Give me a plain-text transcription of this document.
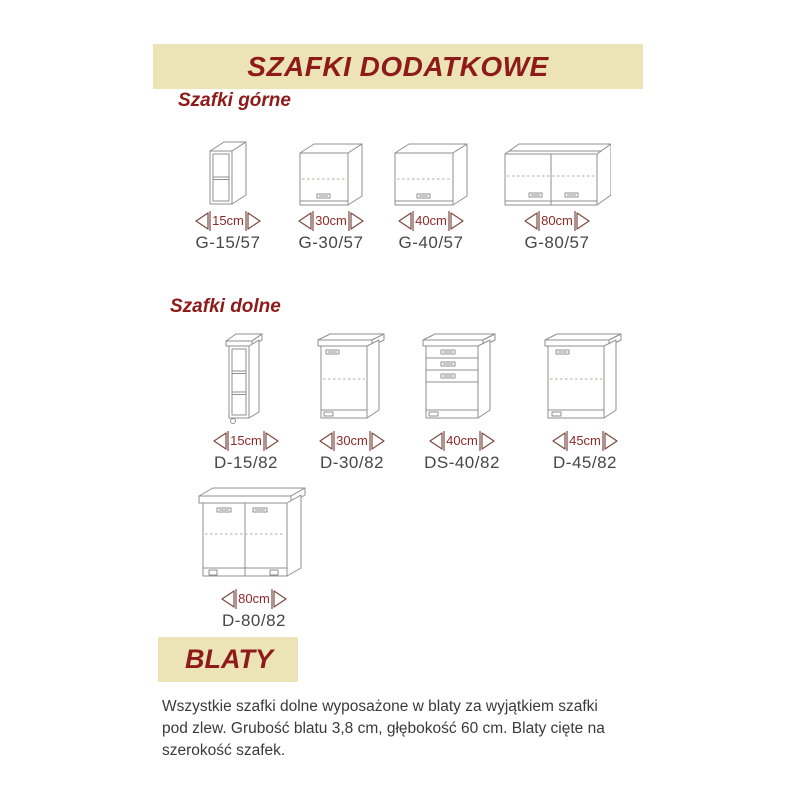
SZAFKI DODATKOWE
Szafki górne
Szafki dolne
15cm
G-15/57
30cm
G-30/57
40cm
G-40/57
80cm
G-80/57
15cm
D-15/82
30cm
D-30/82
40cm
DS-40/82
45cm
D-45/82
80cm
D-80/82
BLATY
Wszystkie szafki dolne wyposażone w blaty za wyjątkiem szafki
pod zlew. Grubość blatu 3,8 cm, głębokość 60 cm. Blaty cięte na
szerokość szafek.
